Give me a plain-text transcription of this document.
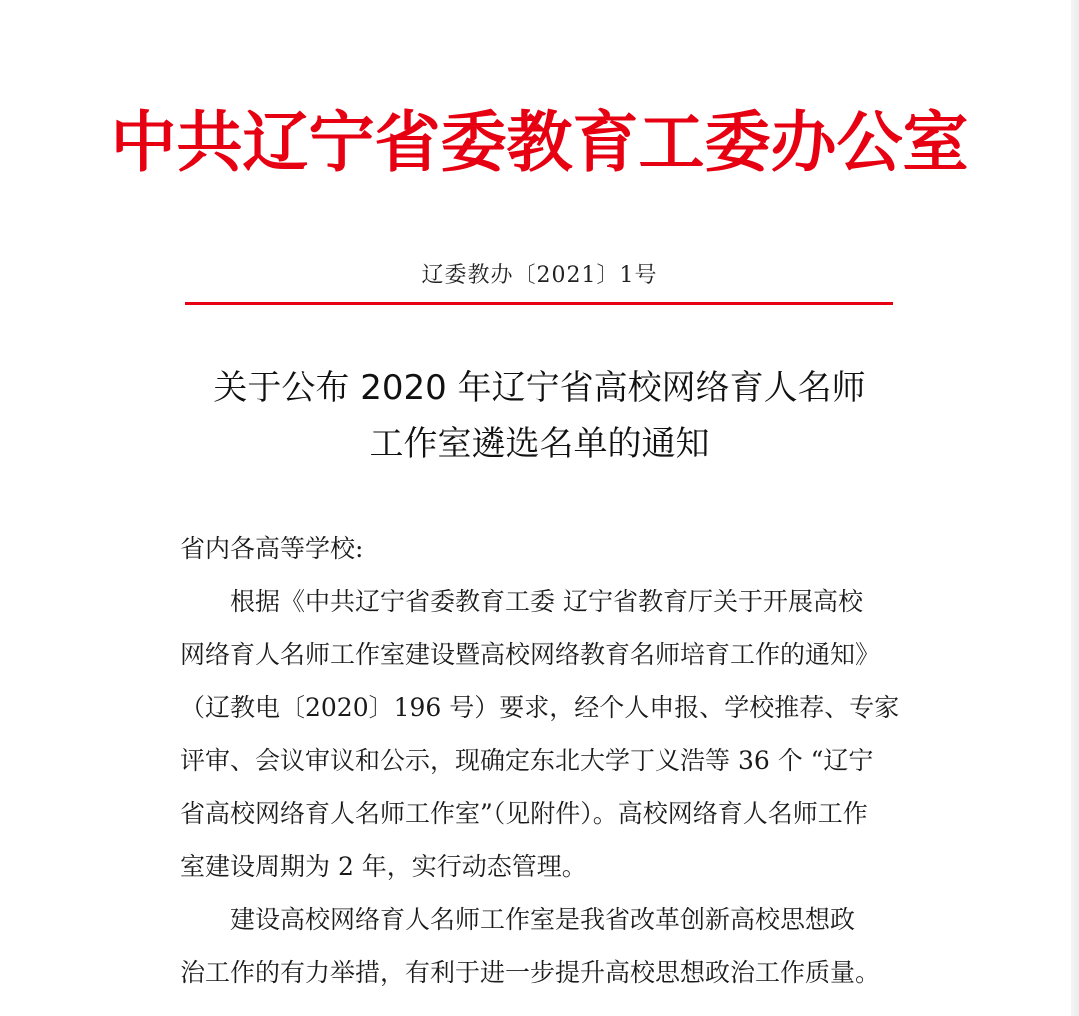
中共辽宁省委教育工委办公室
辽委教办〔2021〕1号
关于公布 2020 年辽宁省高校网络育人名师
工作室遴选名单的通知
省内各高等学校:
根据《中共辽宁省委教育工委 辽宁省教育厅关于开展高校
网络育人名师工作室建设暨高校网络教育名师培育工作的通知》
（辽教电〔2020〕196 号）要求，经个人申报、学校推荐、专家
评审、会议审议和公示，现确定东北大学丁义浩等 36 个 “辽宁
省高校网络育人名师工作室”（见附件）。高校网络育人名师工作
室建设周期为 2 年，实行动态管理。
建设高校网络育人名师工作室是我省改革创新高校思想政
治工作的有力举措，有利于进一步提升高校思想政治工作质量。
